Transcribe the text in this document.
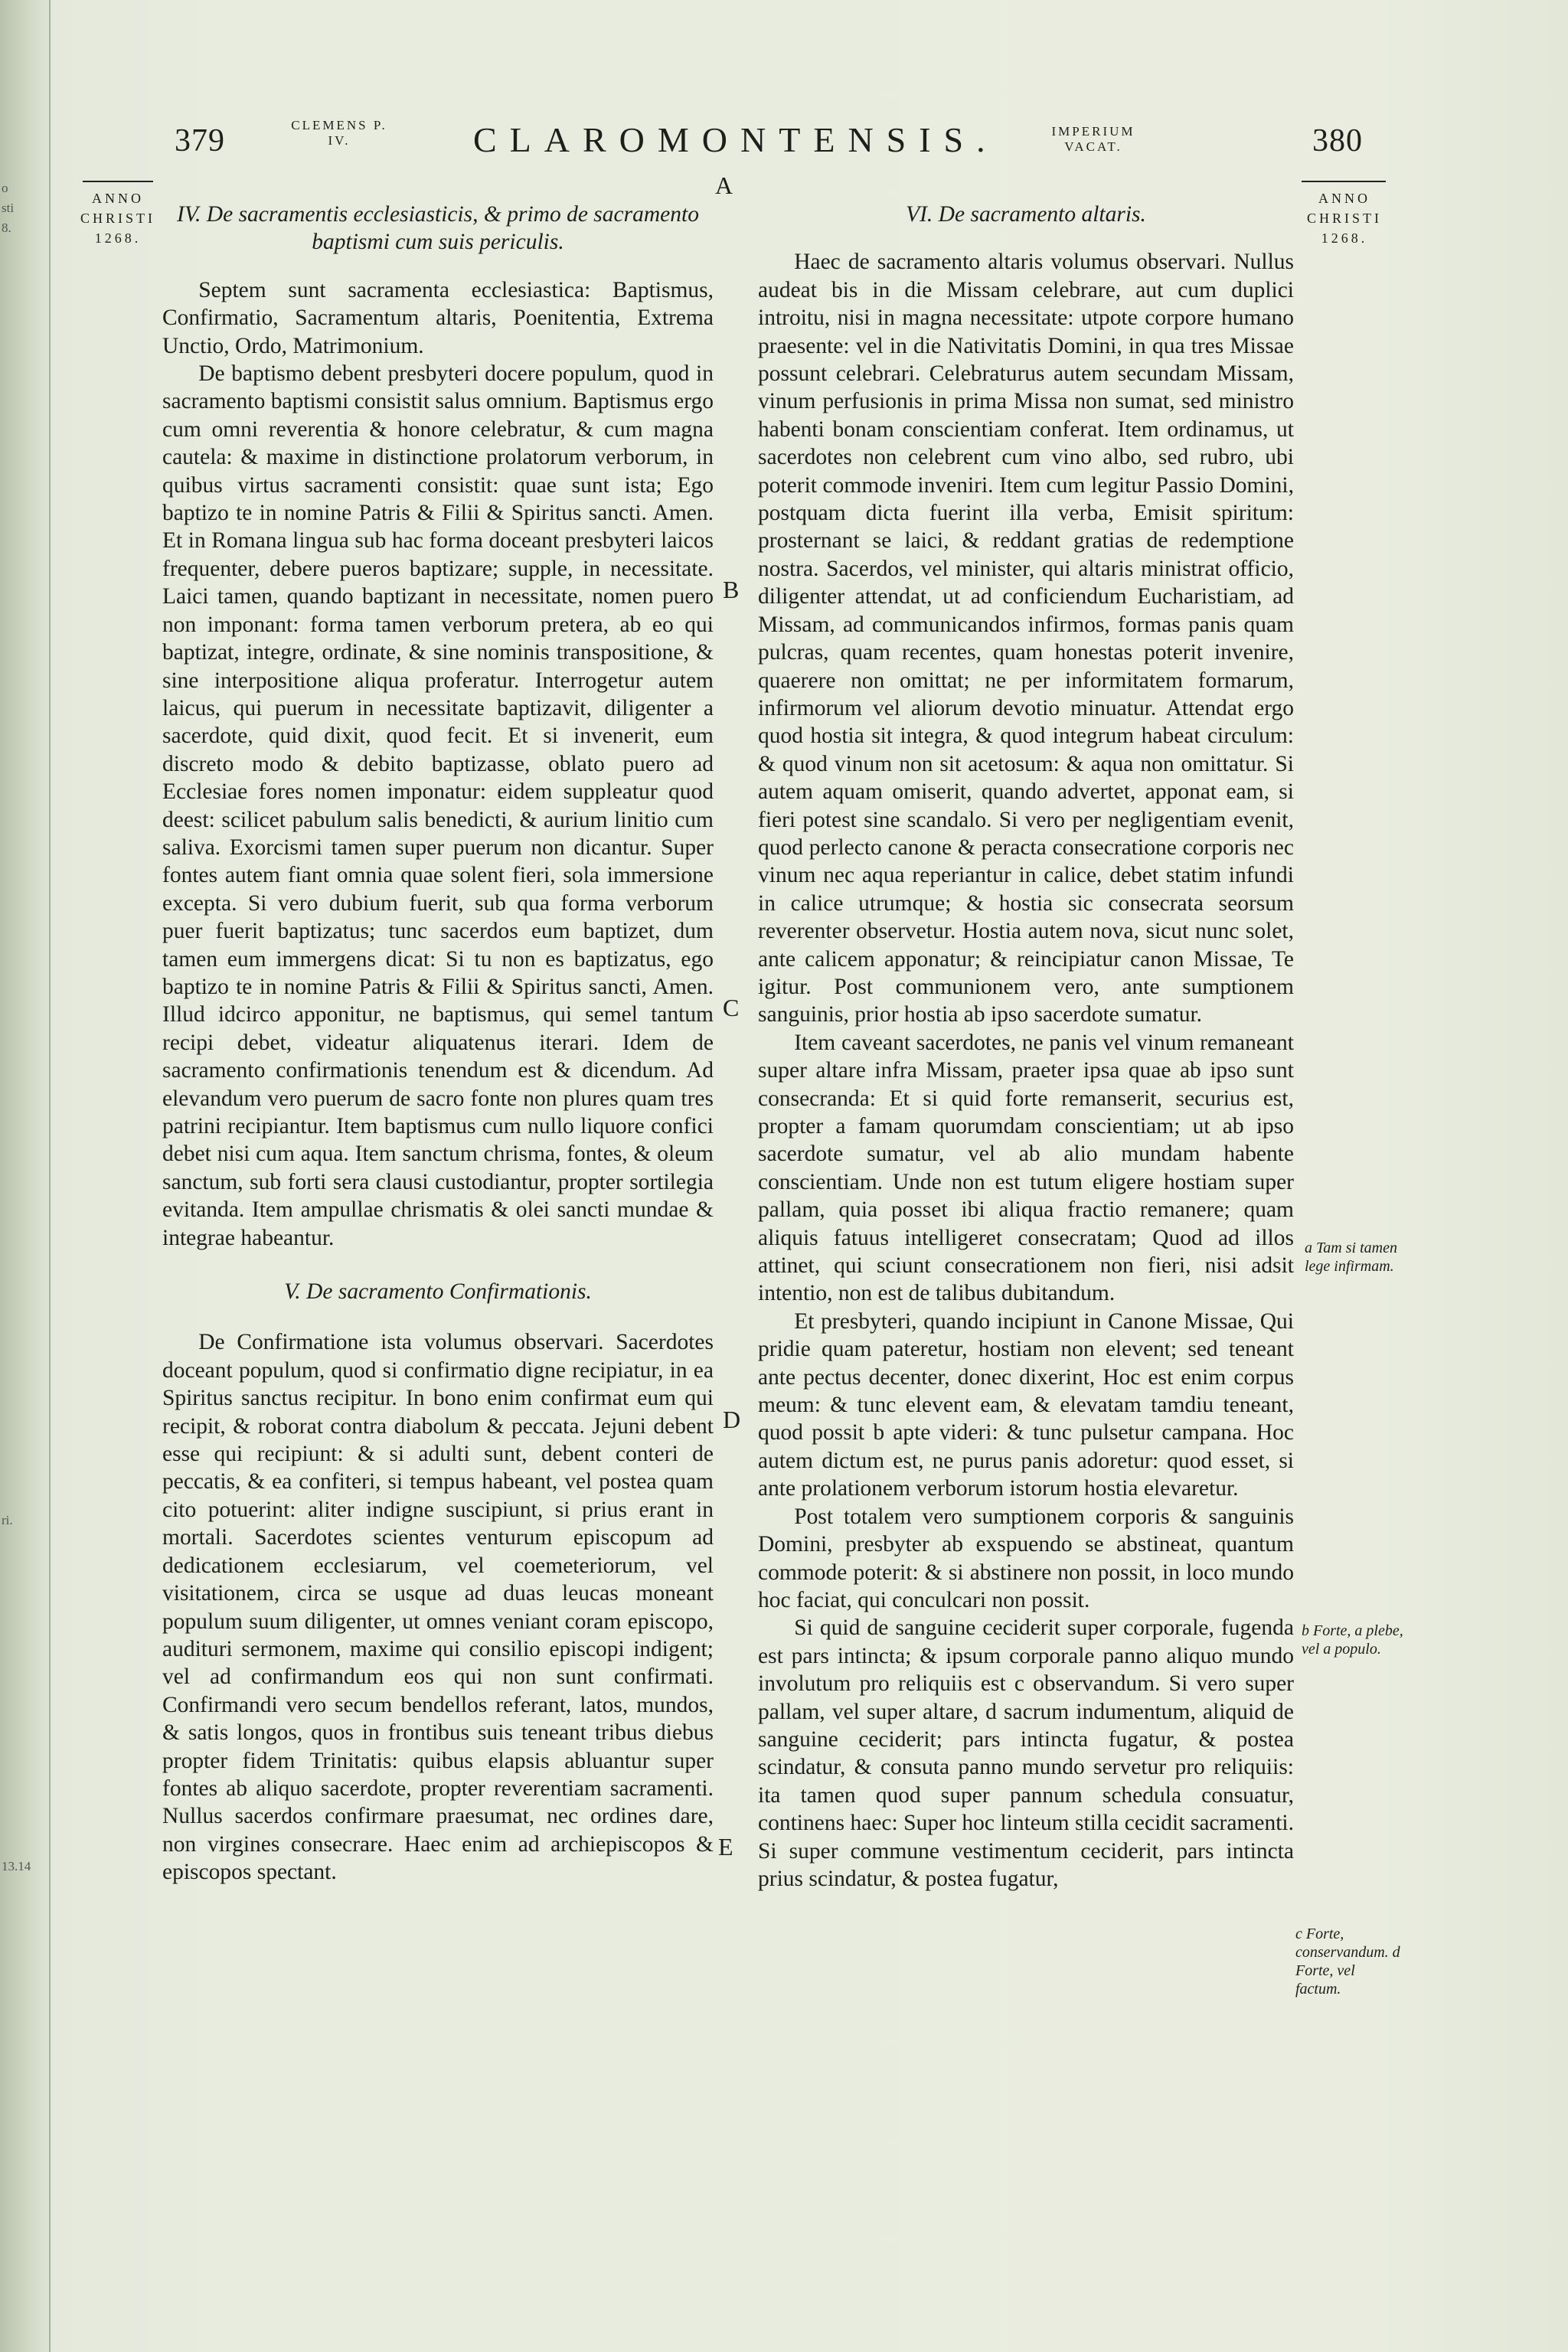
o
sti
8.
ri.
13.14
379	CLEMENS P. IV.	CLAROMONTENSIS.	IMPERIUM VACAT.	380
ANNO CHRISTI 1268.
ANNO CHRISTI 1268.
A
B
C
D
E
IV. De sacramentis ecclesiasticis, & primo de sacramento baptismi cum suis periculis.
Septem sunt sacramenta ecclesiastica: Baptismus, Confirmatio, Sacramentum altaris, Poenitentia, Extrema Unctio, Ordo, Matrimonium.
De baptismo debent presbyteri docere populum, quod in sacramento baptismi consistit salus omnium. Baptismus ergo cum omni reverentia & honore celebratur, & cum magna cautela: & maxime in distinctione prolatorum verborum, in quibus virtus sacramenti consistit: quae sunt ista; Ego baptizo te in nomine Patris & Filii & Spiritus sancti. Amen. Et in Romana lingua sub hac forma doceant presbyteri laicos frequenter, debere pueros baptizare; supple, in necessitate. Laici tamen, quando baptizant in necessitate, nomen puero non imponant: forma tamen verborum pretera, ab eo qui baptizat, integre, ordinate, & sine nominis transpositione, & sine interpositione aliqua proferatur. Interrogetur autem laicus, qui puerum in necessitate baptizavit, diligenter a sacerdote, quid dixit, quod fecit. Et si invenerit, eum discreto modo & debito baptizasse, oblato puero ad Ecclesiae fores nomen imponatur: eidem suppleatur quod deest: scilicet pabulum salis benedicti, & aurium linitio cum saliva. Exorcismi tamen super puerum non dicantur. Super fontes autem fiant omnia quae solent fieri, sola immersione excepta. Si vero dubium fuerit, sub qua forma verborum puer fuerit baptizatus; tunc sacerdos eum baptizet, dum tamen eum immergens dicat: Si tu non es baptizatus, ego baptizo te in nomine Patris & Filii & Spiritus sancti, Amen. Illud idcirco apponitur, ne baptismus, qui semel tantum recipi debet, videatur aliquatenus iterari. Idem de sacramento confirmationis tenendum est & dicendum. Ad elevandum vero puerum de sacro fonte non plures quam tres patrini recipiantur. Item baptismus cum nullo liquore confici debet nisi cum aqua. Item sanctum chrisma, fontes, & oleum sanctum, sub forti sera clausi custodiantur, propter sortilegia evitanda. Item ampullae chrismatis & olei sancti mundae & integrae habeantur.
V. De sacramento Confirmationis.
De Confirmatione ista volumus observari. Sacerdotes doceant populum, quod si confirmatio digne recipiatur, in ea Spiritus sanctus recipitur. In bono enim confirmat eum qui recipit, & roborat contra diabolum & peccata. Jejuni debent esse qui recipiunt: & si adulti sunt, debent conteri de peccatis, & ea confiteri, si tempus habeant, vel postea quam cito potuerint: aliter indigne suscipiunt, si prius erant in mortali. Sacerdotes scientes venturum episcopum ad dedicationem ecclesiarum, vel coemeteriorum, vel visitationem, circa se usque ad duas leucas moneant populum suum diligenter, ut omnes veniant coram episcopo, audituri sermonem, maxime qui consilio episcopi indigent; vel ad confirmandum eos qui non sunt confirmati. Confirmandi vero secum bendellos referant, latos, mundos, & satis longos, quos in frontibus suis teneant tribus diebus propter fidem Trinitatis: quibus elapsis abluantur super fontes ab aliquo sacerdote, propter reverentiam sacramenti. Nullus sacerdos confirmare praesumat, nec ordines dare, non virgines consecrare. Haec enim ad archiepiscopos & episcopos spectant.
VI. De sacramento altaris.
Haec de sacramento altaris volumus observari. Nullus audeat bis in die Missam celebrare, aut cum duplici introitu, nisi in magna necessitate: utpote corpore humano praesente: vel in die Nativitatis Domini, in qua tres Missae possunt celebrari. Celebraturus autem secundam Missam, vinum perfusionis in prima Missa non sumat, sed ministro habenti bonam conscientiam conferat. Item ordinamus, ut sacerdotes non celebrent cum vino albo, sed rubro, ubi poterit commode inveniri. Item cum legitur Passio Domini, postquam dicta fuerint illa verba, Emisit spiritum: prosternant se laici, & reddant gratias de redemptione nostra. Sacerdos, vel minister, qui altaris ministrat officio, diligenter attendat, ut ad conficiendum Eucharistiam, ad Missam, ad communicandos infirmos, formas panis quam pulcras, quam recentes, quam honestas poterit invenire, quaerere non omittat; ne per informitatem formarum, infirmorum vel aliorum devotio minuatur. Attendat ergo quod hostia sit integra, & quod integrum habeat circulum: & quod vinum non sit acetosum: & aqua non omittatur. Si autem aquam omiserit, quando advertet, apponat eam, si fieri potest sine scandalo. Si vero per negligentiam evenit, quod perlecto canone & peracta consecratione corporis nec vinum nec aqua reperiantur in calice, debet statim infundi in calice utrumque; & hostia sic consecrata seorsum reverenter observetur. Hostia autem nova, sicut nunc solet, ante calicem apponatur; & reincipiatur canon Missae, Te igitur. Post communionem vero, ante sumptionem sanguinis, prior hostia ab ipso sacerdote sumatur.
Item caveant sacerdotes, ne panis vel vinum remaneant super altare infra Missam, praeter ipsa quae ab ipso sunt consecranda: Et si quid forte remanserit, securius est, propter a famam quorumdam conscientiam; ut ab ipso sacerdote sumatur, vel ab alio mundam habente conscientiam. Unde non est tutum eligere hostiam super pallam, quia posset ibi aliqua fractio remanere; quam aliquis fatuus intelligeret consecratam; Quod ad illos attinet, qui sciunt consecrationem non fieri, nisi adsit intentio, non est de talibus dubitandum.
Et presbyteri, quando incipiunt in Canone Missae, Qui pridie quam pateretur, hostiam non elevent; sed teneant ante pectus decenter, donec dixerint, Hoc est enim corpus meum: & tunc elevent eam, & elevatam tamdiu teneant, quod possit b apte videri: & tunc pulsetur campana. Hoc autem dictum est, ne purus panis adoretur: quod esset, si ante prolationem verborum istorum hostia elevaretur.
Post totalem vero sumptionem corporis & sanguinis Domini, presbyter ab exspuendo se abstineat, quantum commode poterit: & si abstinere non possit, in loco mundo hoc faciat, qui conculcari non possit.
Si quid de sanguine ceciderit super corporale, fugenda est pars intincta; & ipsum corporale panno aliquo mundo involutum pro reliquiis est c observandum. Si vero super pallam, vel super altare, d sacrum indumentum, aliquid de sanguine ceciderit; pars intincta fugatur, & postea scindatur, & consuta panno mundo servetur pro reliquiis: ita tamen quod super pannum schedula consuatur, continens haec: Super hoc linteum stilla cecidit sacramenti. Si super commune vestimentum ceciderit, pars intincta prius scindatur, & postea fugatur,
a Tam si tamen lege infirmam.
b Forte, a plebe, vel a populo.
c Forte, conservandum. d Forte, vel factum.
